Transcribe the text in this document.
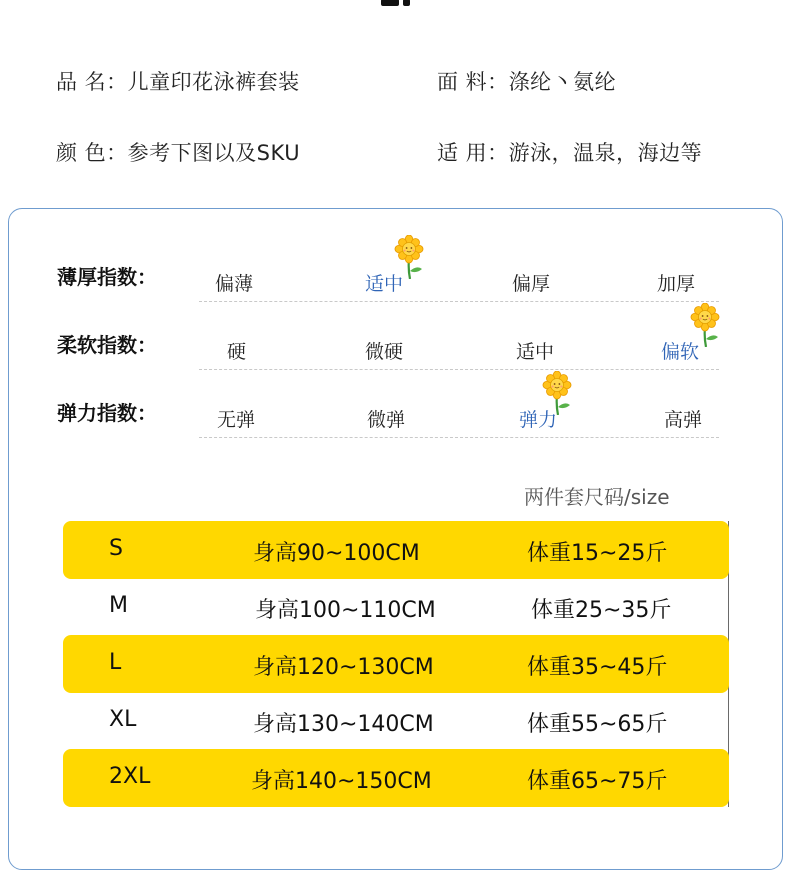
品 名：儿童印花泳裤套装	面 料：涤纶丶氨纶
颜 色：参考下图以及SKU	适 用：游泳，温泉，海边等
薄厚指数：	偏薄	适中	偏厚	加厚
柔软指数：	硬	微硬	适中	偏软
弹力指数：	无弹	微弹	弹力	高弹
两件套尺码/size
S	身高90~100CM	体重15~25斤
M	身高100~110CM	体重25~35斤
L	身高120~130CM	体重35~45斤
XL	身高130~140CM	体重55~65斤
2XL	身高140~150CM	体重65~75斤
